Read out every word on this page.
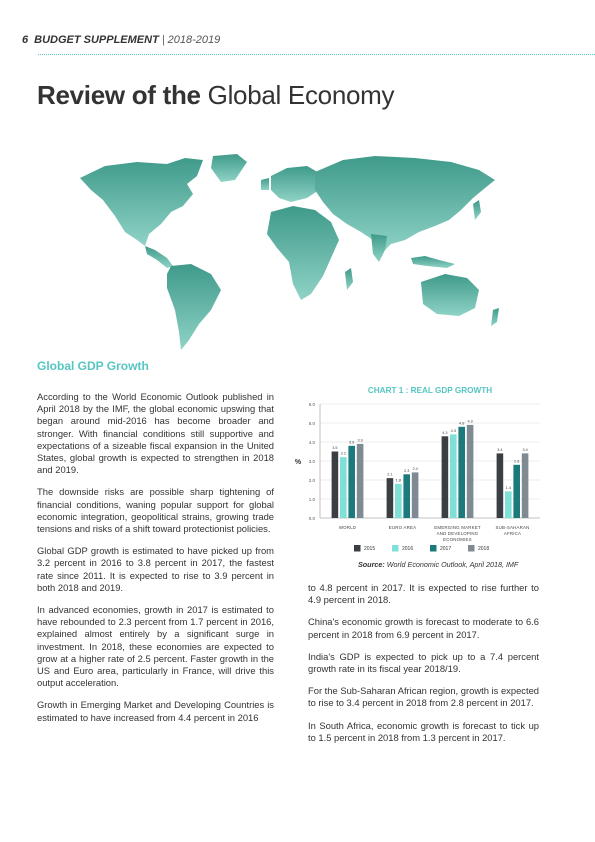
6 BUDGET SUPPLEMENT | 2018-2019
Review of the Global Economy
Global GDP Growth

According to the World Economic Outlook published in April 2018 by the IMF, the global economic upswing that began around mid-2016 has become broader and stronger. With financial conditions still supportive and expectations of a sizeable fiscal expansion in the United States, global growth is expected to strengthen in 2018 and 2019.

The downside risks are possible sharp tightening of financial conditions, waning popular support for global economic integration, geopolitical strains, growing trade tensions and risks of a shift toward protectionist policies.

Global GDP growth is estimated to have picked up from 3.2 percent in 2016 to 3.8 percent in 2017, the fastest rate since 2011. It is expected to rise to 3.9 percent in both 2018 and 2019.

In advanced economies, growth in 2017 is estimated to have rebounded to 2.3 percent from 1.7 percent in 2016, explained almost entirely by a significant surge in investment. In 2018, these economies are expected to grow at a higher rate of 2.5 percent. Faster growth in the US and Euro area, particularly in France, will drive this output acceleration.

Growth in Emerging Market and Developing Countries is estimated to have increased from 4.4 percent in 2016

CHART 1 : REAL GDP GROWTH
0.0
1.0
2.0
3.0
4.0
5.0
6.0
%
3.5
3.2
3.8 3.9
WORLD
2.1
1.8
2.3 2.4
EURO AREA
4.3 4.3
4.8 4.9
EMERGING MARKET
AND DEVELOPING
ECONOMIES
3.4
1.4
2.8
3.4
SUB-SAHARAN
AFRICA
2015	2016	2017	2018
Source: World Economic Outlook, April 2018, IMF

to 4.8 percent in 2017. It is expected to rise further to 4.9 percent in 2018.

China's economic growth is forecast to moderate to 6.6 percent in 2018 from 6.9 percent in 2017.

India's GDP is expected to pick up to a 7.4 percent growth rate in its fiscal year 2018/19.

For the Sub-Saharan African region, growth is expected to rise to 3.4 percent in 2018 from 2.8 percent in 2017.

In South Africa, economic growth is forecast to tick up to 1.5 percent in 2018 from 1.3 percent in 2017.
